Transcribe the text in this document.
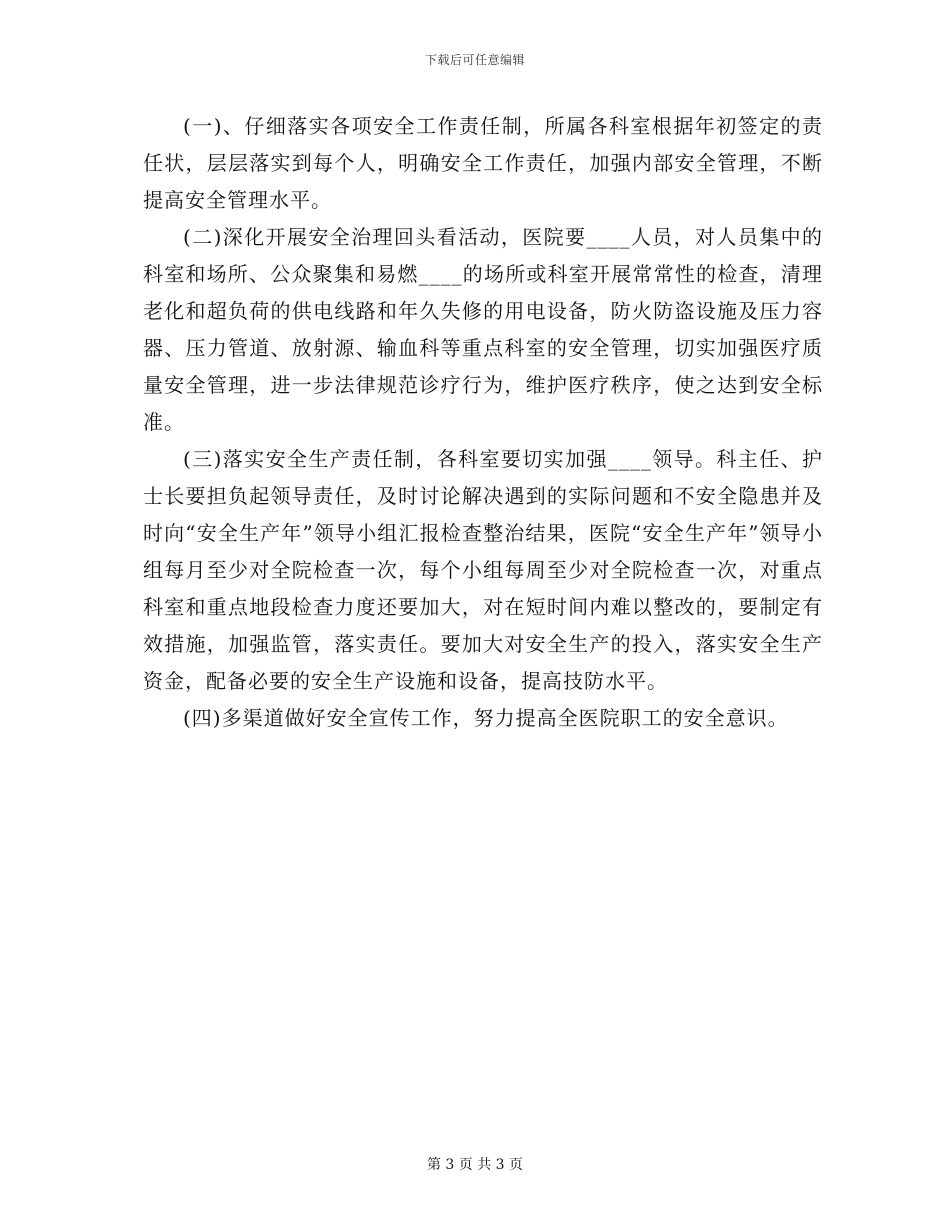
下载后可任意编辑

(一)、仔细落实各项安全工作责任制，所属各科室根据年初签定的责任状，层层落实到每个人，明确安全工作责任，加强内部安全管理，不断提高安全管理水平。

(二)深化开展安全治理回头看活动，医院要____人员，对人员集中的科室和场所、公众聚集和易燃____的场所或科室开展常常性的检查，清理老化和超负荷的供电线路和年久失修的用电设备，防火防盗设施及压力容器、压力管道、放射源、输血科等重点科室的安全管理，切实加强医疗质量安全管理，进一步法律规范诊疗行为，维护医疗秩序，使之达到安全标准。

(三)落实安全生产责任制，各科室要切实加强____领导。科主任、护士长要担负起领导责任，及时讨论解决遇到的实际问题和不安全隐患并及时向“安全生产年”领导小组汇报检查整治结果，医院“安全生产年”领导小组每月至少对全院检查一次，每个小组每周至少对全院检查一次，对重点科室和重点地段检查力度还要加大，对在短时间内难以整改的，要制定有效措施，加强监管，落实责任。要加大对安全生产的投入，落实安全生产资金，配备必要的安全生产设施和设备，提高技防水平。

(四)多渠道做好安全宣传工作，努力提高全医院职工的安全意识。

第 3 页 共 3 页
